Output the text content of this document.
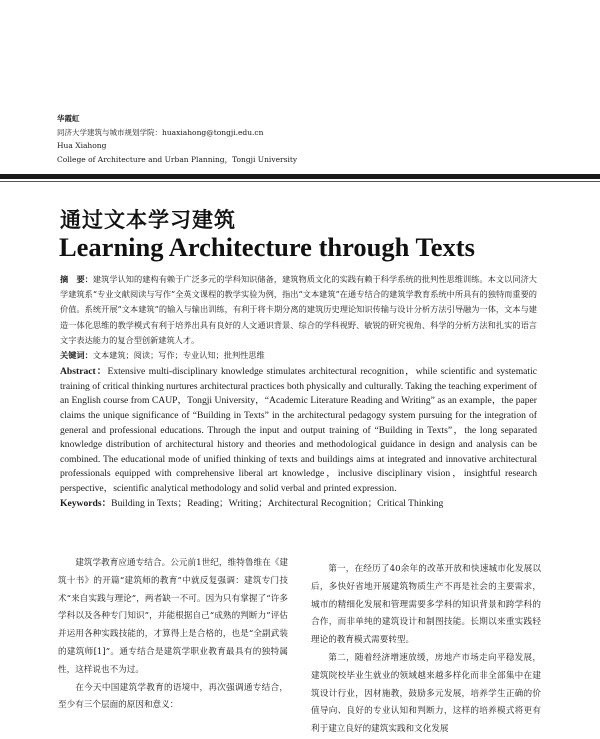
华霞虹
同济大学建筑与城市规划学院：huaxiahong@tongji.edu.cn
Hua Xiahong
College of Architecture and Urban Planning，Tongji University
通过文本学习建筑
Learning Architecture through Texts

摘　要：建筑学认知的建构有赖于广泛多元的学科知识储备，建筑物质文化的实践有赖于科学系统的批判性思维训练。本文以同济大学建筑系“专业文献阅读与写作”全英文课程的教学实验为例，指出“文本建筑”在通专结合的建筑学教育系统中所具有的独特而重要的价值。系统开展“文本建筑”的输入与输出训练，有利于将卡期分离的建筑历史理论知识传输与设计分析方法引导融为一体，文本与建造一体化思维的教学模式有利于培养出具有良好的人文通识背景、综合的学科视野、敏锐的研究视角、科学的分析方法和扎实的语言文字表达能力的复合型创新建筑人才。

关键词：文本建筑；阅读；写作；专业认知；批判性思维

Abstract：Extensive multi-disciplinary knowledge stimulates architectural recognition，while scientific and systematic training of critical thinking nurtures architectural practices both physically and culturally. Taking the teaching experiment of an English course from CAUP，Tongji University，“Academic Literature Reading and Writing” as an example，the paper claims the unique significance of “Building in Texts” in the architectural pedagogy system pursuing for the integration of general and professional educations. Through the input and output training of “Building in Texts”，the long separated knowledge distribution of architectural history and theories and methodological guidance in design and analysis can be combined. The educational mode of unified thinking of texts and buildings aims at integrated and innovative architectural professionals equipped with comprehensive liberal art knowledge，inclusive disciplinary vision，insightful research perspective，scientific analytical methodology and solid verbal and printed expression.

Keywords：Building in Texts；Reading；Writing；Architectural Recognition；Critical Thinking

建筑学教育应通专结合。公元前1世纪，维特鲁维在《建筑十书》的开篇“建筑师的教育”中就反复强调：建筑专门技术“来自实践与理论”，两者缺一不可。因为只有掌握了“许多学科以及各种专门知识”，并能根据自己“成熟的判断力”评估并运用各种实践技能的，才算得上是合格的，也是“全副武装的建筑师[1]”。通专结合是建筑学职业教育最具有的独特属性，这样说也不为过。

在今天中国建筑学教育的语境中，再次强调通专结合，至少有三个层面的原因和意义：

第一，在经历了40余年的改革开放和快速城市化发展以后，多快好省地开展建筑物质生产不再是社会的主要需求，城市的精细化发展和管理需要多学科的知识背景和跨学科的合作，而非单纯的建筑设计和制图技能。长期以来重实践轻理论的教育模式需要转型。

第二，随着经济增速放缓，房地产市场走向平稳发展，建筑院校毕业生就业的领域越来越多样化而非全部集中在建筑设计行业，因材施教，鼓励多元发展，培养学生正确的价值导向、良好的专业认知和判断力，这样的培养模式将更有利于建立良好的建筑实践和文化发展
